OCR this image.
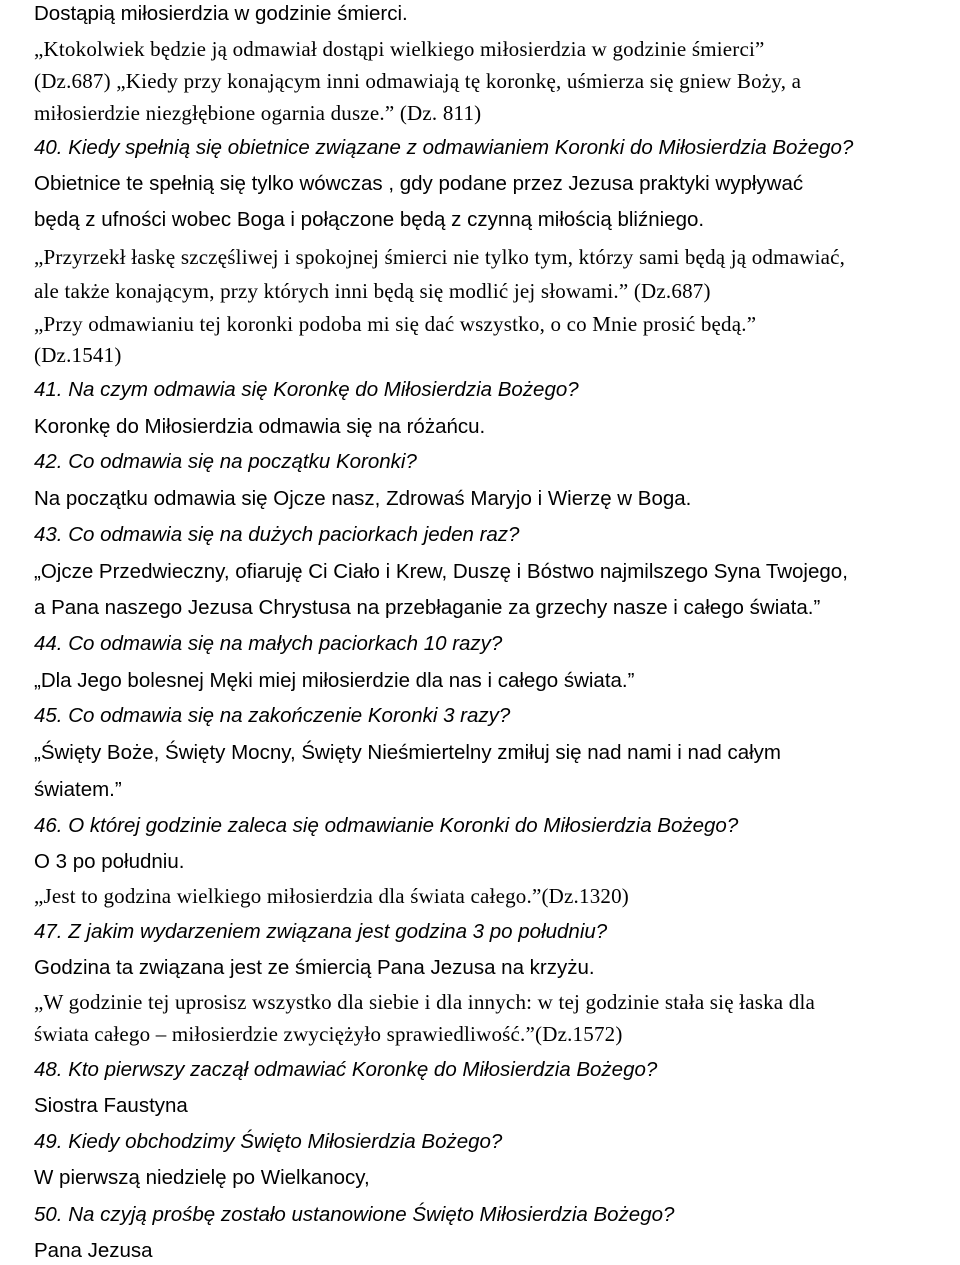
Dostąpią miłosierdzia w godzinie śmierci.
„Ktokolwiek będzie ją odmawiał dostąpi wielkiego miłosierdzia w godzinie śmierci”
(Dz.687) „Kiedy przy konającym inni odmawiają tę koronkę, uśmierza się gniew Boży, a
miłosierdzie niezgłębione ogarnia dusze.” (Dz. 811)
40. Kiedy spełnią się obietnice związane z odmawianiem Koronki do Miłosierdzia Bożego?
Obietnice te spełnią się tylko wówczas , gdy podane przez Jezusa praktyki wypływać
będą z ufności wobec Boga i połączone będą z czynną miłością bliźniego.
„Przyrzekł łaskę szczęśliwej i spokojnej śmierci nie tylko tym, którzy sami będą ją odmawiać,
ale także konającym, przy których inni będą się modlić jej słowami.” (Dz.687)
„Przy odmawianiu tej koronki podoba mi się dać wszystko, o co Mnie prosić będą.”
(Dz.1541)
41. Na czym odmawia się Koronkę do Miłosierdzia Bożego?
Koronkę do Miłosierdzia odmawia się na różańcu.
42. Co odmawia się na początku Koronki?
Na początku odmawia się Ojcze nasz, Zdrowaś Maryjo i Wierzę w Boga.
43. Co odmawia się na dużych paciorkach jeden raz?
„Ojcze Przedwieczny, ofiaruję Ci Ciało i Krew, Duszę i Bóstwo najmilszego Syna Twojego,
a Pana naszego Jezusa Chrystusa na przebłaganie za grzechy nasze i całego świata.”
44. Co odmawia się na małych paciorkach 10 razy?
„Dla Jego bolesnej Męki miej miłosierdzie dla nas i całego świata.”
45. Co odmawia się na zakończenie Koronki 3 razy?
„Święty Boże, Święty Mocny, Święty Nieśmiertelny zmiłuj się nad nami i nad całym
światem.”
46. O której godzinie zaleca się odmawianie Koronki do Miłosierdzia Bożego?
O 3 po południu.
„Jest to godzina wielkiego miłosierdzia dla świata całego.”(Dz.1320)
47. Z jakim wydarzeniem związana jest godzina 3 po południu?
Godzina ta związana jest ze śmiercią Pana Jezusa na krzyżu.
„W godzinie tej uprosisz wszystko dla siebie i dla innych: w tej godzinie stała się łaska dla
świata całego – miłosierdzie zwyciężyło sprawiedliwość.”(Dz.1572)
48. Kto pierwszy zaczął odmawiać Koronkę do Miłosierdzia Bożego?
Siostra Faustyna
49. Kiedy obchodzimy Święto Miłosierdzia Bożego?
W pierwszą niedzielę po Wielkanocy,
50. Na czyją prośbę zostało ustanowione Święto Miłosierdzia Bożego?
Pana Jezusa
